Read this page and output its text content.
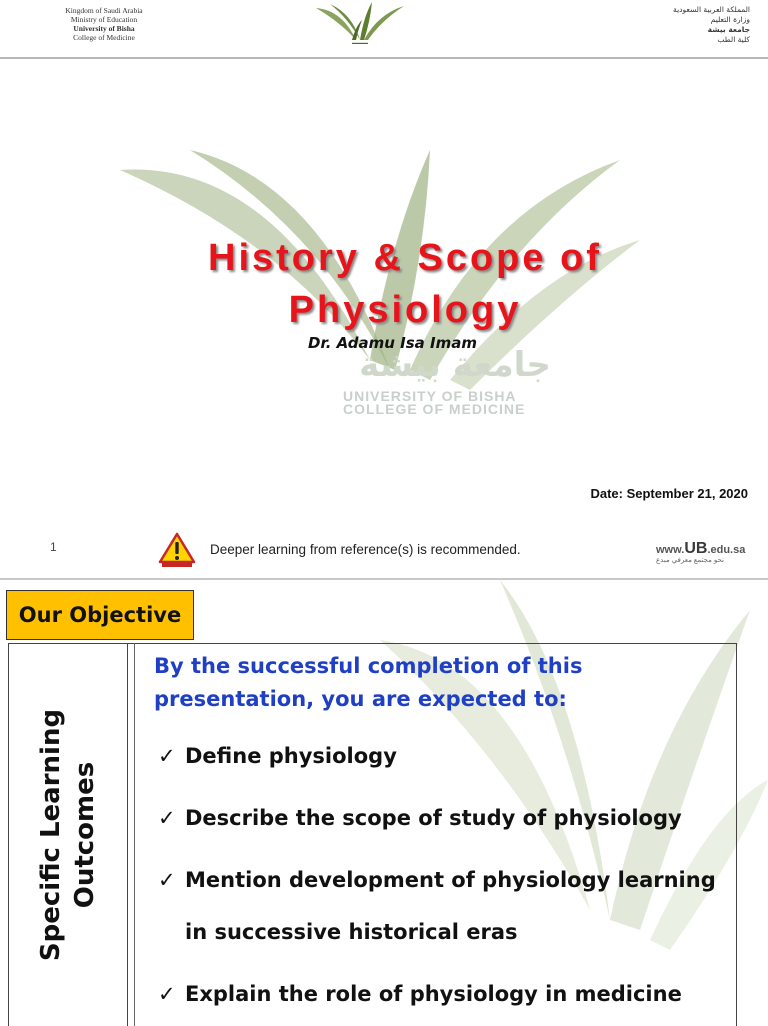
Kingdom of Saudi Arabia
Ministry of Education
University of Bisha
College of Medicine
▬▬▬▬
المملكة العربية السعودية
وزارة التعليم
جامعة بيشة
كلية الطب
جامعة بيشة
UNIVERSITY OF BISHA
COLLEGE OF MEDICINE
History & Scope of
Physiology
Dr. Adamu Isa Imam
Date: September 21, 2020
1	Deeper learning from reference(s) is recommended.	www.UB.edu.sa
نحو مجتمع معرفي مبدع
Our Objective
Specific Learning Outcomes
By the successful completion of this presentation, you are expected to:
✓ Define physiology
✓ Describe the scope of study of physiology
✓ Mention development of physiology learning in successive historical eras
✓ Explain the role of physiology in medicine
